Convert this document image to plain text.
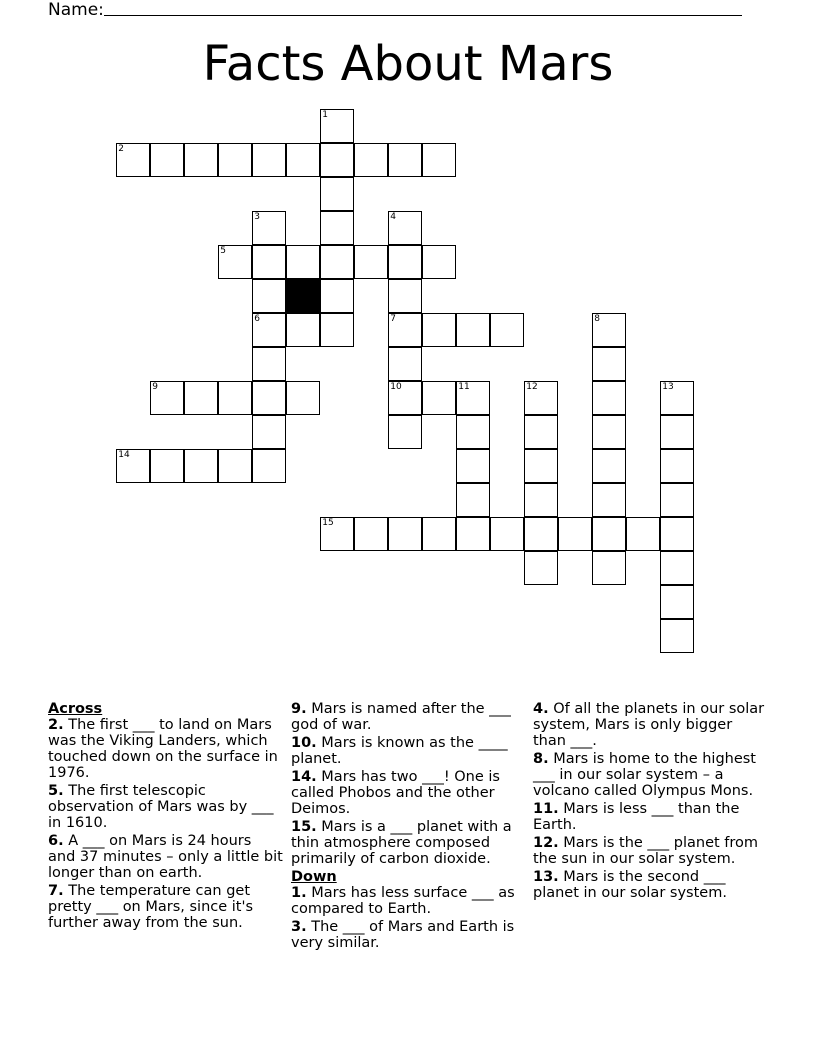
Name:
Facts About Mars
1
2
3	4
5
6	7	8
9	10	11	12	13
14
15
Across
2. The first ___ to land on Mars was the Viking Landers, which touched down on the surface in 1976.
5. The first telescopic observation of Mars was by ___ in 1610.
6. A ___ on Mars is 24 hours and 37 minutes – only a little bit longer than on earth.
7. The temperature can get pretty ___ on Mars, since it's further away from the sun.
9. Mars is named after the ___ god of war.
10. Mars is known as the ____ planet.
14. Mars has two ___! One is called Phobos and the other Deimos.
15. Mars is a ___ planet with a thin atmosphere composed primarily of carbon dioxide.
Down
1. Mars has less surface ___ as compared to Earth.
3. The ___ of Mars and Earth is very similar.
4. Of all the planets in our solar system, Mars is only bigger than ___.
8. Mars is home to the highest ___ in our solar system – a volcano called Olympus Mons.
11. Mars is less ___ than the Earth.
12. Mars is the ___ planet from the sun in our solar system.
13. Mars is the second ___ planet in our solar system.
